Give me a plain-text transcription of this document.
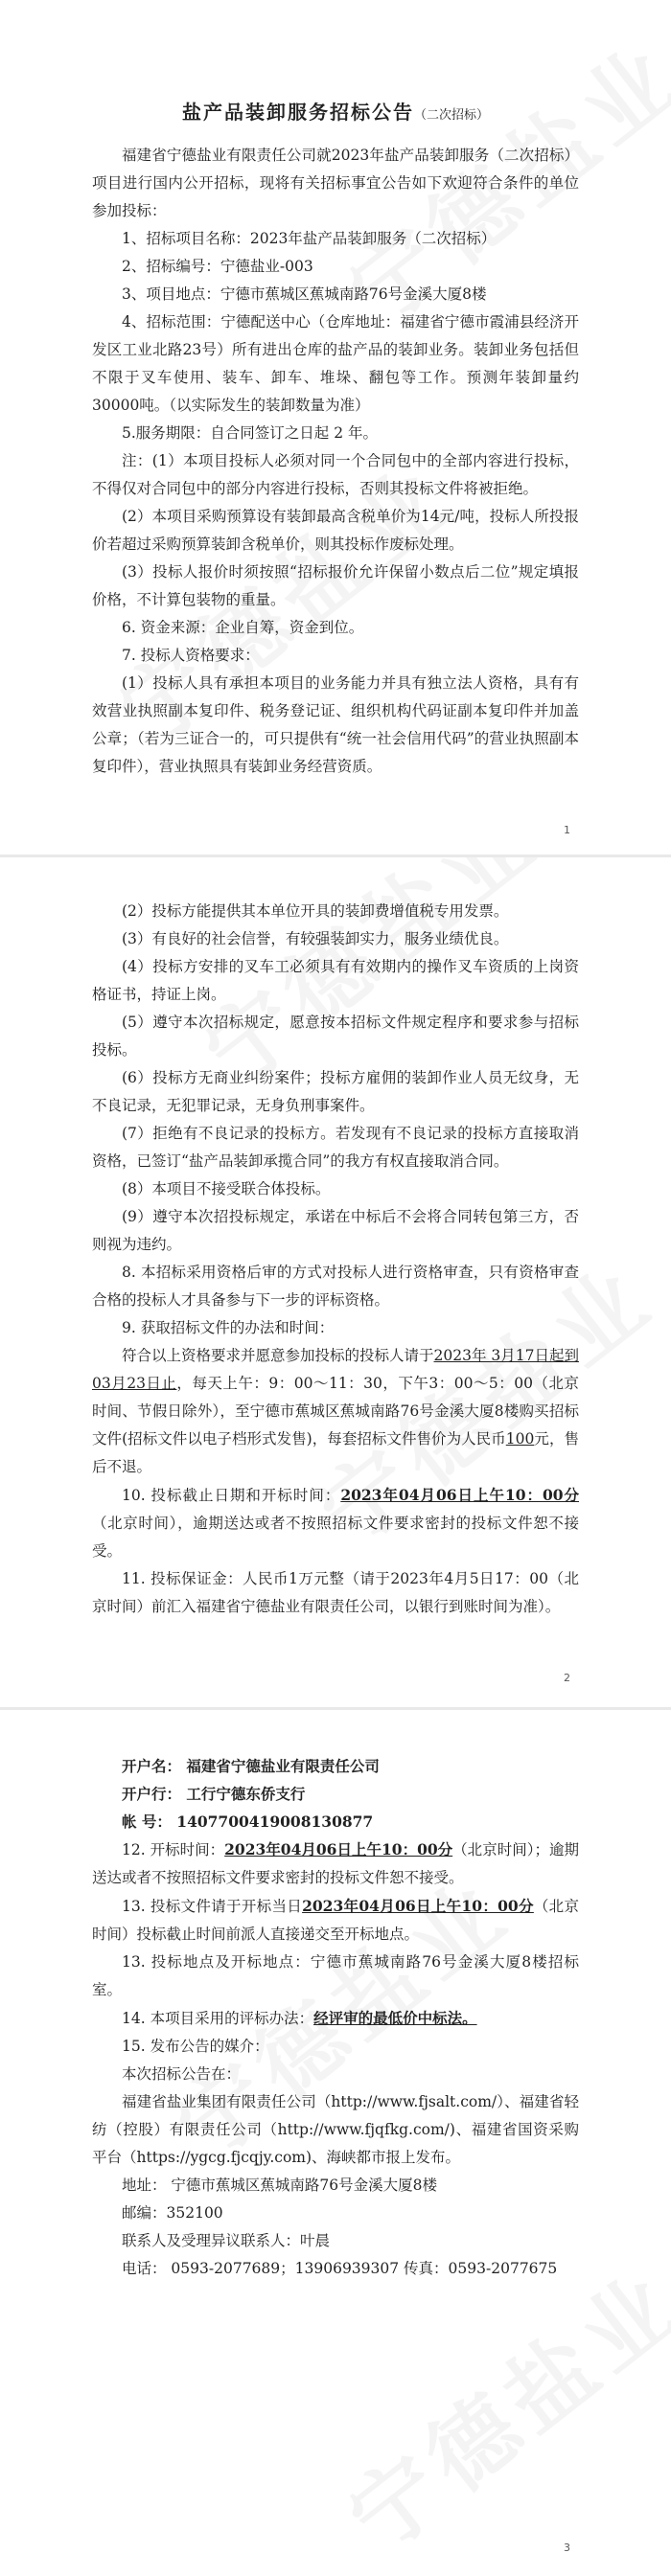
盐产品装卸服务招标公告（二次招标）

福建省宁德盐业有限责任公司就2023年盐产品装卸服务（二次招标）项目进行国内公开招标，现将有关招标事宜公告如下欢迎符合条件的单位参加投标：

1、招标项目名称：2023年盐产品装卸服务（二次招标）

2、招标编号：宁德盐业-003

3、项目地点：宁德市蕉城区蕉城南路76号金溪大厦8楼

4、招标范围：宁德配送中心（仓库地址：福建省宁德市霞浦县经济开发区工业北路23号）所有进出仓库的盐产品的装卸业务。装卸业务包括但不限于叉车使用、装车、卸车、堆垛、翻包等工作。预测年装卸量约30000吨。（以实际发生的装卸数量为准）

5.服务期限：自合同签订之日起 2 年。

注：(1）本项目投标人必须对同一个合同包中的全部内容进行投标，不得仅对合同包中的部分内容进行投标，否则其投标文件将被拒绝。

(2）本项目采购预算设有装卸最高含税单价为14元/吨，投标人所投报价若超过采购预算装卸含税单价，则其投标作废标处理。

(3）投标人报价时须按照“招标报价允许保留小数点后二位”规定填报价格，不计算包装物的重量。

6. 资金来源：企业自筹，资金到位。

7. 投标人资格要求：

(1）投标人具有承担本项目的业务能力并具有独立法人资格，具有有效营业执照副本复印件、税务登记证、组织机构代码证副本复印件并加盖公章；（若为三证合一的，可只提供有“统一社会信用代码”的营业执照副本复印件），营业执照具有装卸业务经营资质。

1

(2）投标方能提供其本单位开具的装卸费增值税专用发票。

(3）有良好的社会信誉，有较强装卸实力，服务业绩优良。

(4）投标方安排的叉车工必须具有有效期内的操作叉车资质的上岗资格证书，持证上岗。

(5）遵守本次招标规定，愿意按本招标文件规定程序和要求参与招标投标。

(6）投标方无商业纠纷案件；投标方雇佣的装卸作业人员无纹身，无不良记录，无犯罪记录，无身负刑事案件。

(7）拒绝有不良记录的投标方。若发现有不良记录的投标方直接取消资格，已签订“盐产品装卸承揽合同”的我方有权直接取消合同。

(8）本项目不接受联合体投标。

(9）遵守本次招投标规定，承诺在中标后不会将合同转包第三方，否则视为违约。

8. 本招标采用资格后审的方式对投标人进行资格审查，只有资格审查合格的投标人才具备参与下一步的评标资格。

9. 获取招标文件的办法和时间：

符合以上资格要求并愿意参加投标的投标人请于2023年 3月17日起到 03月23日止，每天上午：9：00～11：30，下午3：00～5：00（北京时间、节假日除外），至宁德市蕉城区蕉城南路76号金溪大厦8楼购买招标文件(招标文件以电子档形式发售)，每套招标文件售价为人民币100元，售后不退。

10. 投标截止日期和开标时间：2023年04月06日上午10：00分（北京时间），逾期送达或者不按照招标文件要求密封的投标文件恕不接受。

11. 投标保证金：人民币1万元整（请于2023年4月5日17：00（北京时间）前汇入福建省宁德盐业有限责任公司，以银行到账时间为准）。

2

开户名： 福建省宁德盐业有限责任公司

开户行： 工行宁德东侨支行

帐 号： 1407700419008130877

12. 开标时间：2023年04月06日上午10：00分（北京时间）；逾期送达或者不按照招标文件要求密封的投标文件恕不接受。

13. 投标文件请于开标当日2023年04月06日上午10：00分（北京时间）投标截止时间前派人直接递交至开标地点。

13. 投标地点及开标地点：宁德市蕉城南路76号金溪大厦8楼招标室。

14. 本项目采用的评标办法：经评审的最低价中标法。

15. 发布公告的媒介：

本次招标公告在：

福建省盐业集团有限责任公司（http://www.fjsalt.com/）、福建省轻纺（控股）有限责任公司（http://www.fjqfkg.com/)、福建省国资采购平台（https://ygcg.fjcqjy.com)、海峡都市报上发布。

地址： 宁德市蕉城区蕉城南路76号金溪大厦8楼

邮编：352100

联系人及受理异议联系人：叶晨

电话： 0593-2077689；13906939307 传真：0593-2077675

3
